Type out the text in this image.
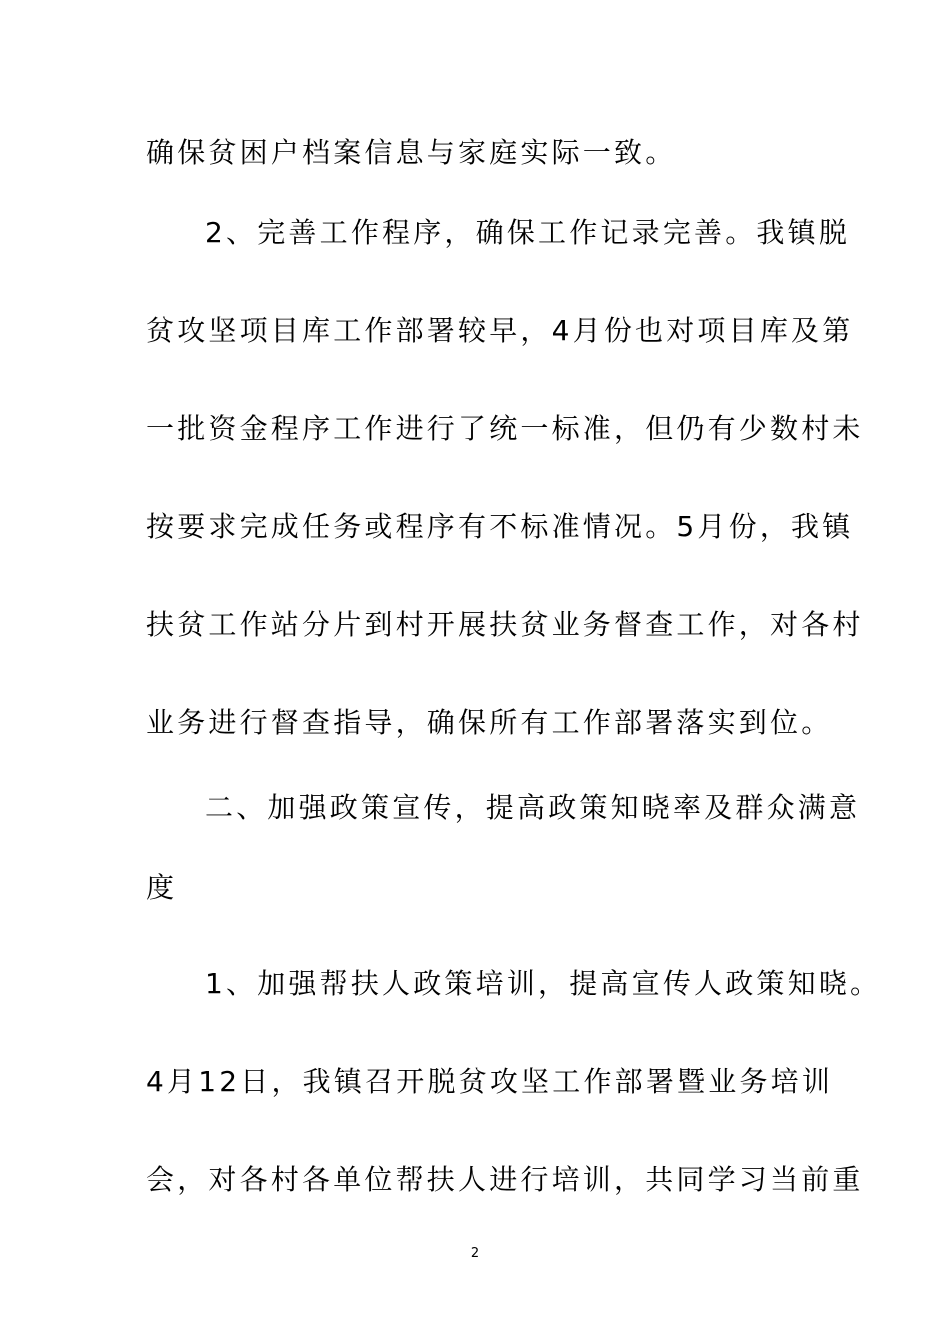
确保贫困户档案信息与家庭实际一致。
2、完善工作程序，确保工作记录完善。我镇脱
贫攻坚项目库工作部署较早，4月份也对项目库及第
一批资金程序工作进行了统一标准，但仍有少数村未
按要求完成任务或程序有不标准情况。5月份，我镇
扶贫工作站分片到村开展扶贫业务督查工作，对各村
业务进行督查指导，确保所有工作部署落实到位。
二、加强政策宣传，提高政策知晓率及群众满意
度
1、加强帮扶人政策培训，提高宣传人政策知晓。
4月12日，我镇召开脱贫攻坚工作部署暨业务培训
会，对各村各单位帮扶人进行培训，共同学习当前重
2
